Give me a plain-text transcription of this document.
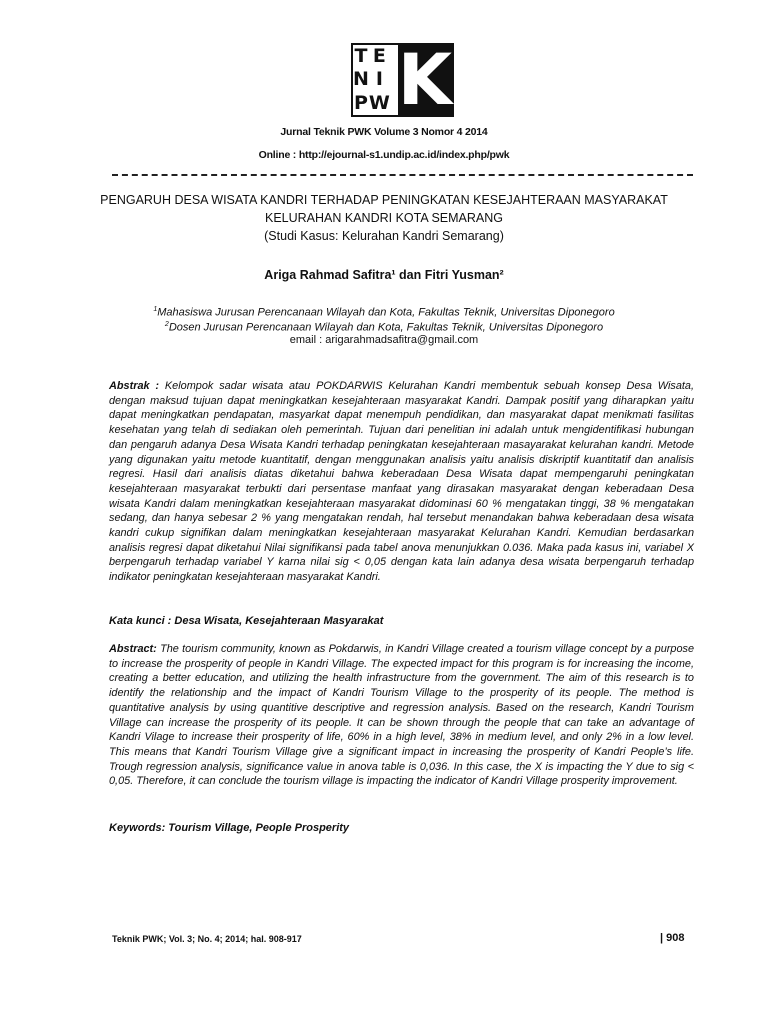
T E
N I
P W K
Jurnal Teknik PWK Volume 3 Nomor 4 2014
Online : http://ejournal-s1.undip.ac.id/index.php/pwk
PENGARUH DESA WISATA KANDRI TERHADAP PENINGKATAN KESEJAHTERAAN MASYARAKAT
KELURAHAN KANDRI KOTA SEMARANG
(Studi Kasus: Kelurahan Kandri Semarang)
Ariga Rahmad Safitra¹ dan Fitri Yusman²
$^1$Mahasiswa Jurusan Perencanaan Wilayah dan Kota, Fakultas Teknik, Universitas Diponegoro
$^2$Dosen Jurusan Perencanaan Wilayah dan Kota, Fakultas Teknik, Universitas Diponegoro
email : arigarahmadsafitra@gmail.com
Abstrak : Kelompok sadar wisata atau POKDARWIS Kelurahan Kandri membentuk sebuah konsep Desa Wisata, dengan maksud tujuan dapat meningkatkan kesejahteraan masyarakat Kandri. Dampak positif yang diharapkan yaitu dapat meningkatkan pendapatan, masyarkat dapat menempuh pendidikan, dan masyarakat dapat menikmati fasilitas kesehatan yang telah di sediakan oleh pemerintah. Tujuan dari penelitian ini adalah untuk mengidentifikasi hubungan dan pengaruh adanya Desa Wisata Kandri terhadap peningkatan kesejahteraan masayarakat kelurahan kandri. Metode yang digunakan yaitu metode kuantitatif, dengan menggunakan analisis yaitu analisis diskriptif kuantitatif dan analisis regresi. Hasil dari analisis diatas diketahui bahwa keberadaan Desa Wisata dapat mempengaruhi peningkatan kesejahteraan masyarakat terbukti dari persentase manfaat yang dirasakan masyarakat dengan keberadaan Desa wisata Kandri dalam meningkatkan kesejahteraan masyarakat didominasi 60 % mengatakan tinggi, 38 % mengatakan sedang, dan hanya sebesar 2 % yang mengatakan rendah, hal tersebut menandakan bahwa keberadaan desa wisata kandri cukup signifikan dalam meningkatkan kesejahteraan masyarakat Kelurahan Kandri. Kemudian berdasarkan analisis regresi dapat diketahui Nilai signifikansi pada tabel anova menunjukkan 0.036. Maka pada kasus ini, variabel X berpengaruh terhadap variabel Y karna nilai sig < 0,05 dengan kata lain adanya desa wisata berpengaruh terhadap indikator peningkatan kesejahteraan masyarakat Kandri.
Kata kunci : Desa Wisata, Kesejahteraan Masyarakat
Abstract: The tourism community, known as Pokdarwis, in Kandri Village created a tourism village concept by a purpose to increase the prosperity of people in Kandri Village. The expected impact for this program is for increasing the income, creating a better education, and utilizing the health infrastructure from the government. The aim of this research is to identify the relationship and the impact of Kandri Tourism Village to the prosperity of its people. The method is quantitative analysis by using quantitive descriptive and regression analysis. Based on the research, Kandri Tourism Village can increase the prosperity of its people. It can be shown through the people that can take an advantage of Kandri Vilage to increase their prosperity of life, 60% in a high level, 38% in medium level, and only 2% in a low level. This means that Kandri Tourism Village give a significant impact in increasing the prosperity of Kandri People’s life. Trough regression analysis, significance value in anova table is 0,036. In this case, the X is impacting the Y due to sig < 0,05. Therefore, it can conclude the tourism village is impacting the indicator of Kandri Village prosperity improvement.
Keywords: Tourism Village, People Prosperity
Teknik PWK; Vol. 3; No. 4; 2014; hal. 908-917	| 908
